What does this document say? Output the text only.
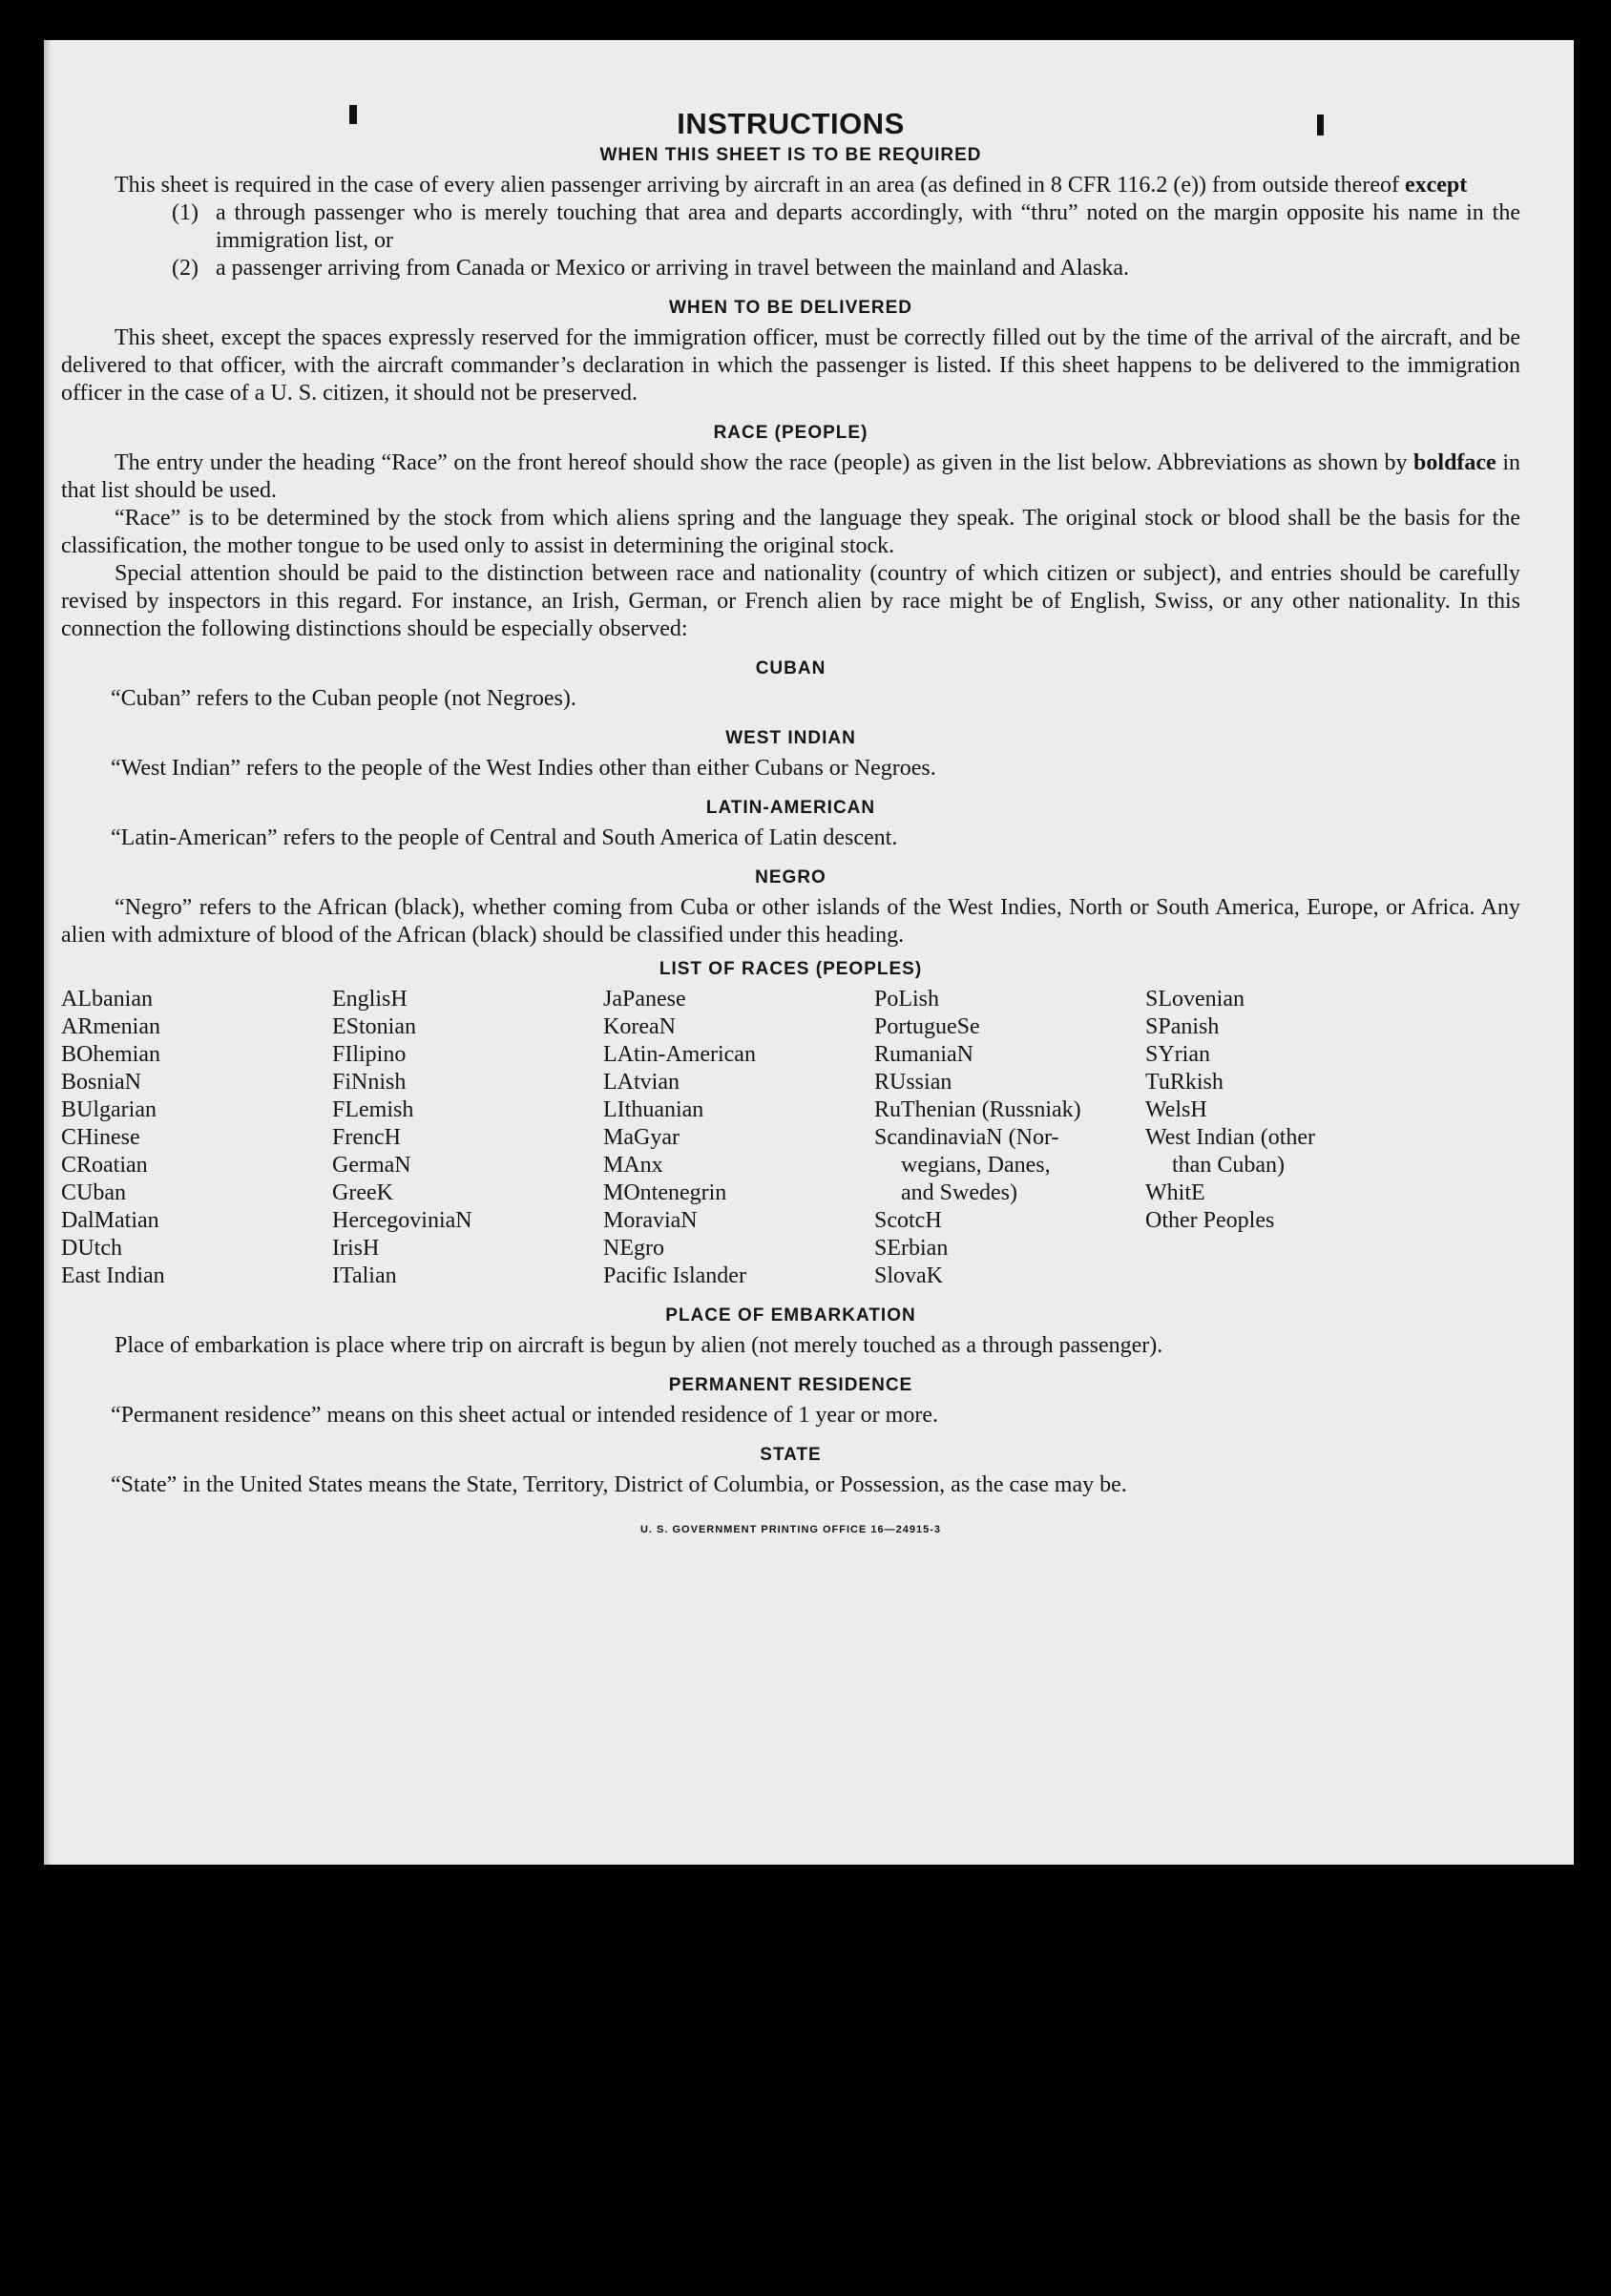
INSTRUCTIONS
WHEN THIS SHEET IS TO BE REQUIRED

This sheet is required in the case of every alien passenger arriving by aircraft in an area (as defined in 8 CFR 116.2 (e)) from outside thereof except

(1) a through passenger who is merely touching that area and departs accordingly, with “thru” noted on the margin opposite his name in the immigration list, or
(2) a passenger arriving from Canada or Mexico or arriving in travel between the mainland and Alaska.
WHEN TO BE DELIVERED

This sheet, except the spaces expressly reserved for the immigration officer, must be correctly filled out by the time of the arrival of the aircraft, and be delivered to that officer, with the aircraft commander’s declaration in which the passenger is listed. If this sheet happens to be delivered to the immigration officer in the case of a U. S. citizen, it should not be preserved.

RACE (PEOPLE)

The entry under the heading “Race” on the front hereof should show the race (people) as given in the list below. Abbreviations as shown by boldface in that list should be used.

“Race” is to be determined by the stock from which aliens spring and the language they speak. The original stock or blood shall be the basis for the classification, the mother tongue to be used only to assist in determining the original stock.

Special attention should be paid to the distinction between race and nationality (country of which citizen or subject), and entries should be carefully revised by inspectors in this regard. For instance, an Irish, German, or French alien by race might be of English, Swiss, or any other nationality. In this connection the following distinctions should be especially observed:

CUBAN

“Cuban” refers to the Cuban people (not Negroes).

WEST INDIAN

“West Indian” refers to the people of the West Indies other than either Cubans or Negroes.

LATIN-AMERICAN

“Latin-American” refers to the people of Central and South America of Latin descent.

NEGRO

“Negro” refers to the African (black), whether coming from Cuba or other islands of the West Indies, North or South America, Europe, or Africa. Any alien with admixture of blood of the African (black) should be classified under this heading.

LIST OF RACES (PEOPLES)
ALbanian
ARmenian
BOhemian
BosniaN
BUlgarian
CHinese
CRoatian
CUban
DalMatian
DUtch
East Indian
EnglisH
EStonian
FIlipino
FiNnish
FLemish
FrencH
GermaN
GreeK
HercegoviniaN
IrisH
ITalian
JaPanese
KoreaN
LAtin-American
LAtvian
LIthuanian
MaGyar
MAnx
MOntenegrin
MoraviaN
NEgro
Pacific Islander
PoLish
PortugueSe
RumaniaN
RUssian
RuThenian (Russniak)
ScandinaviaN (Nor-
wegians, Danes,
and Swedes)
ScotcH
SErbian
SlovaK
SLovenian
SPanish
SYrian
TuRkish
WelsH
West Indian (other
than Cuban)
WhitE
Other Peoples
PLACE OF EMBARKATION

Place of embarkation is place where trip on aircraft is begun by alien (not merely touched as a through passenger).

PERMANENT RESIDENCE

“Permanent residence” means on this sheet actual or intended residence of 1 year or more.

STATE

“State” in the United States means the State, Territory, District of Columbia, or Possession, as the case may be.

U. S. GOVERNMENT PRINTING OFFICE 16—24915-3
